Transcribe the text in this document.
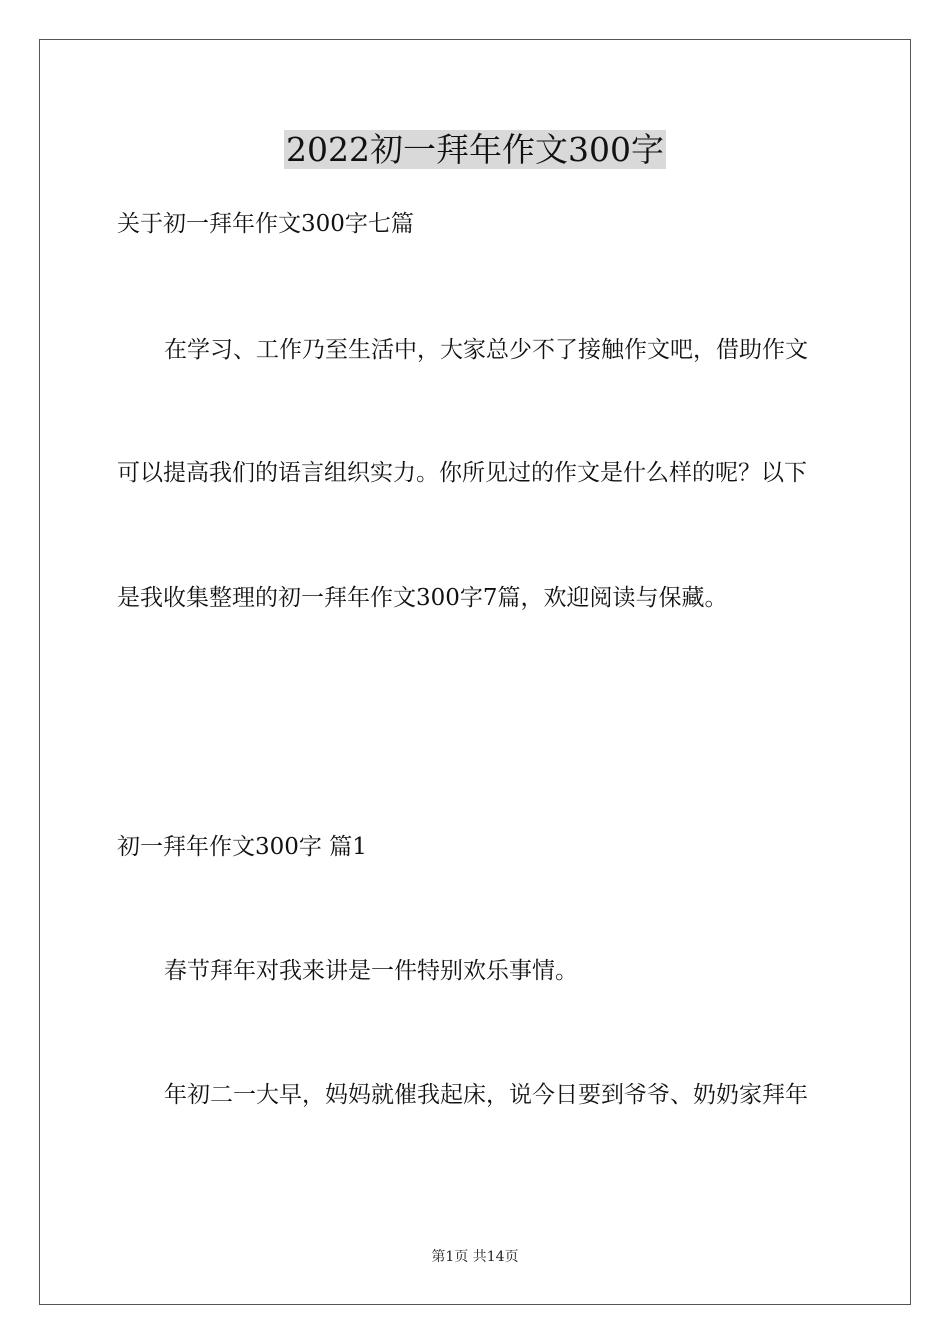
2022初一拜年作文300字
关于初一拜年作文300字七篇
在学习、工作乃至生活中，大家总少不了接触作文吧，借助作文
可以提高我们的语言组织实力。你所见过的作文是什么样的呢？以下
是我收集整理的初一拜年作文300字7篇，欢迎阅读与保藏。
初一拜年作文300字 篇1
春节拜年对我来讲是一件特别欢乐事情。
年初二一大早，妈妈就催我起床，说今日要到爷爷、奶奶家拜年
第1页 共14页
